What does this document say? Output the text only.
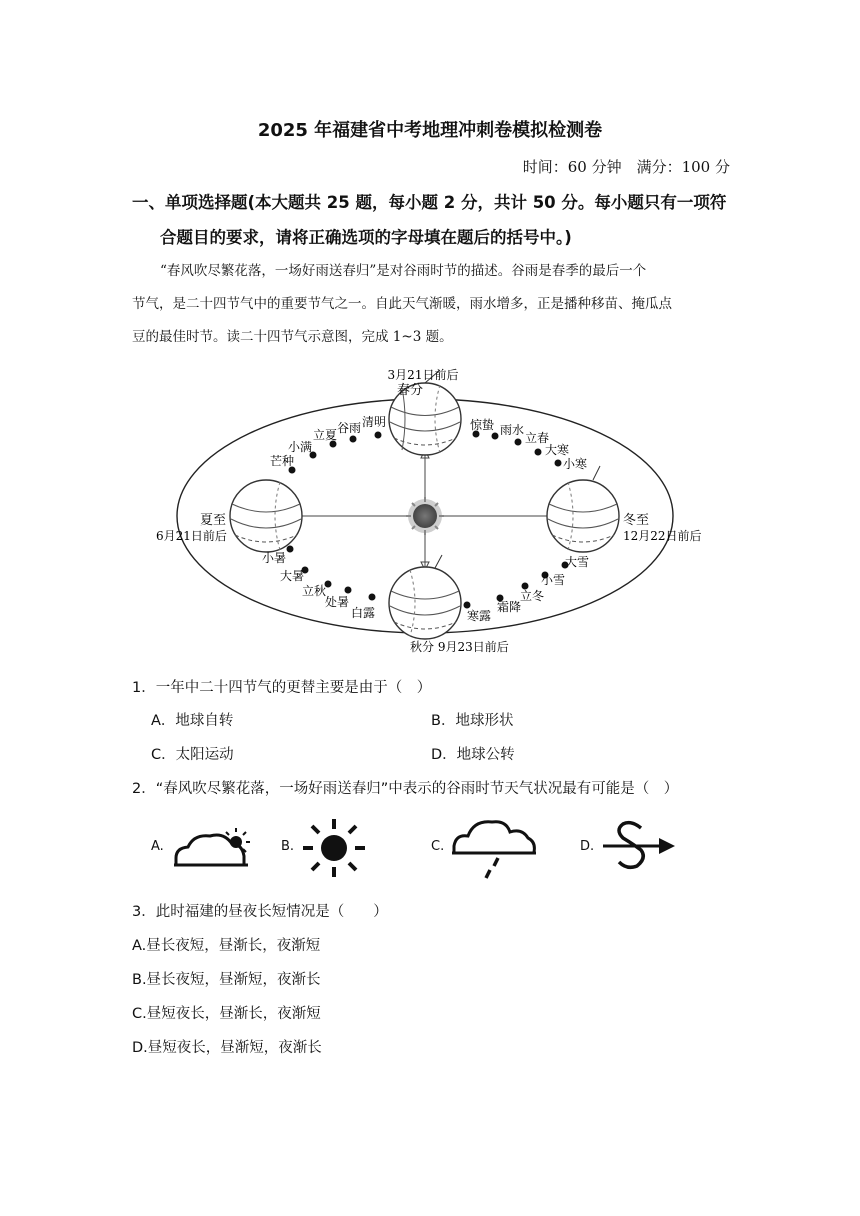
2025 年福建省中考地理冲刺卷模拟检测卷
时间：60 分钟　满分：100 分
一、单项选择题(本大题共 25 题，每小题 2 分，共计 50 分。每小题只有一项符
合题目的要求，请将正确选项的字母填在题后的括号中。)
“春风吹尽繁花落，一场好雨送春归”是对谷雨时节的描述。谷雨是春季的最后一个
节气，是二十四节气中的重要节气之一。自此天气渐暖，雨水增多，正是播种移苗、掩瓜点
豆的最佳时节。读二十四节气示意图，完成 1~3 题。
3月21日前后
春分
夏至
6月21日前后
冬至
12月22日前后
秋分 9月23日前后
清明
谷雨
立夏
小满
芒种
惊蛰 雨水
立春
大寒
小寒
小暑
大暑
立秋
处暑
白露
大雪
小雪
立冬
霜降
寒露
1．一年中二十四节气的更替主要是由于（　）
A．地球自转	B．地球形状
C．太阳运动	D．地球公转
2．“春风吹尽繁花落，一场好雨送春归”中表示的谷雨时节天气状况最有可能是（　）
A.	B.	C.	D.
3．此时福建的昼夜长短情况是（　　）
A.昼长夜短，昼渐长，夜渐短
B.昼长夜短，昼渐短，夜渐长
C.昼短夜长，昼渐长，夜渐短
D.昼短夜长，昼渐短，夜渐长
